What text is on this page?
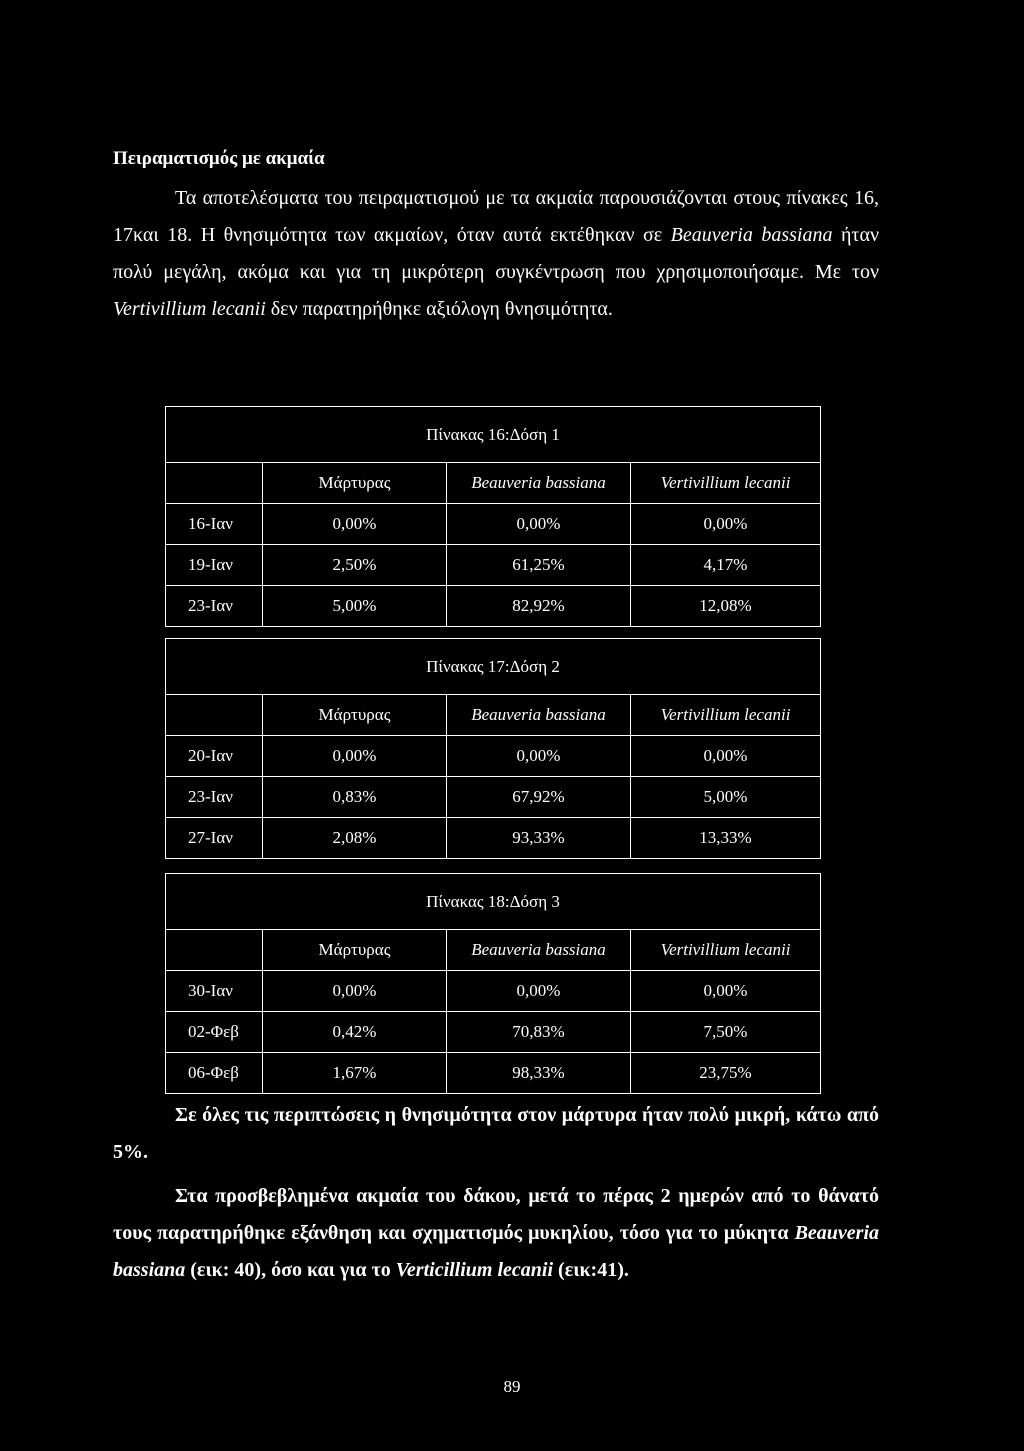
Πειραματισμός με ακμαία

Τα αποτελέσματα του πειραματισμού με τα ακμαία παρουσιάζονται στους πίνακες 16, 17και 18. Η θνησιμότητα των ακμαίων, όταν αυτά εκτέθηκαν σε Beauveria bassiana ήταν πολύ μεγάλη, ακόμα και για τη μικρότερη συγκέντρωση που χρησιμοποιήσαμε. Με τον Vertivillium lecanii δεν παρατηρήθηκε αξιόλογη θνησιμότητα.

Πίνακας 16:Δόση 1			
	Μάρτυρας	Beauveria bassiana	Vertivillium lecanii
16-Ιαν	0,00%	0,00%	0,00%
19-Ιαν	2,50%	61,25%	4,17%
23-Ιαν	5,00%	82,92%	12,08%
Πίνακας 17:Δόση 2			
	Μάρτυρας	Beauveria bassiana	Vertivillium lecanii
20-Ιαν	0,00%	0,00%	0,00%
23-Ιαν	0,83%	67,92%	5,00%
27-Ιαν	2,08%	93,33%	13,33%
Πίνακας 18:Δόση 3			
	Μάρτυρας	Beauveria bassiana	Vertivillium lecanii
30-Ιαν	0,00%	0,00%	0,00%
02-Φεβ	0,42%	70,83%	7,50%
06-Φεβ	1,67%	98,33%	23,75%

Σε όλες τις περιπτώσεις η θνησιμότητα στον μάρτυρα ήταν πολύ μικρή, κάτω από 5%.

Στα προσβεβλημένα ακμαία του δάκου, μετά το πέρας 2 ημερών από το θάνατό τους παρατηρήθηκε εξάνθηση και σχηματισμός μυκηλίου, τόσο για το μύκητα Beauveria bassiana (εικ: 40), όσο και για το Verticillium lecanii (εικ:41).

89
